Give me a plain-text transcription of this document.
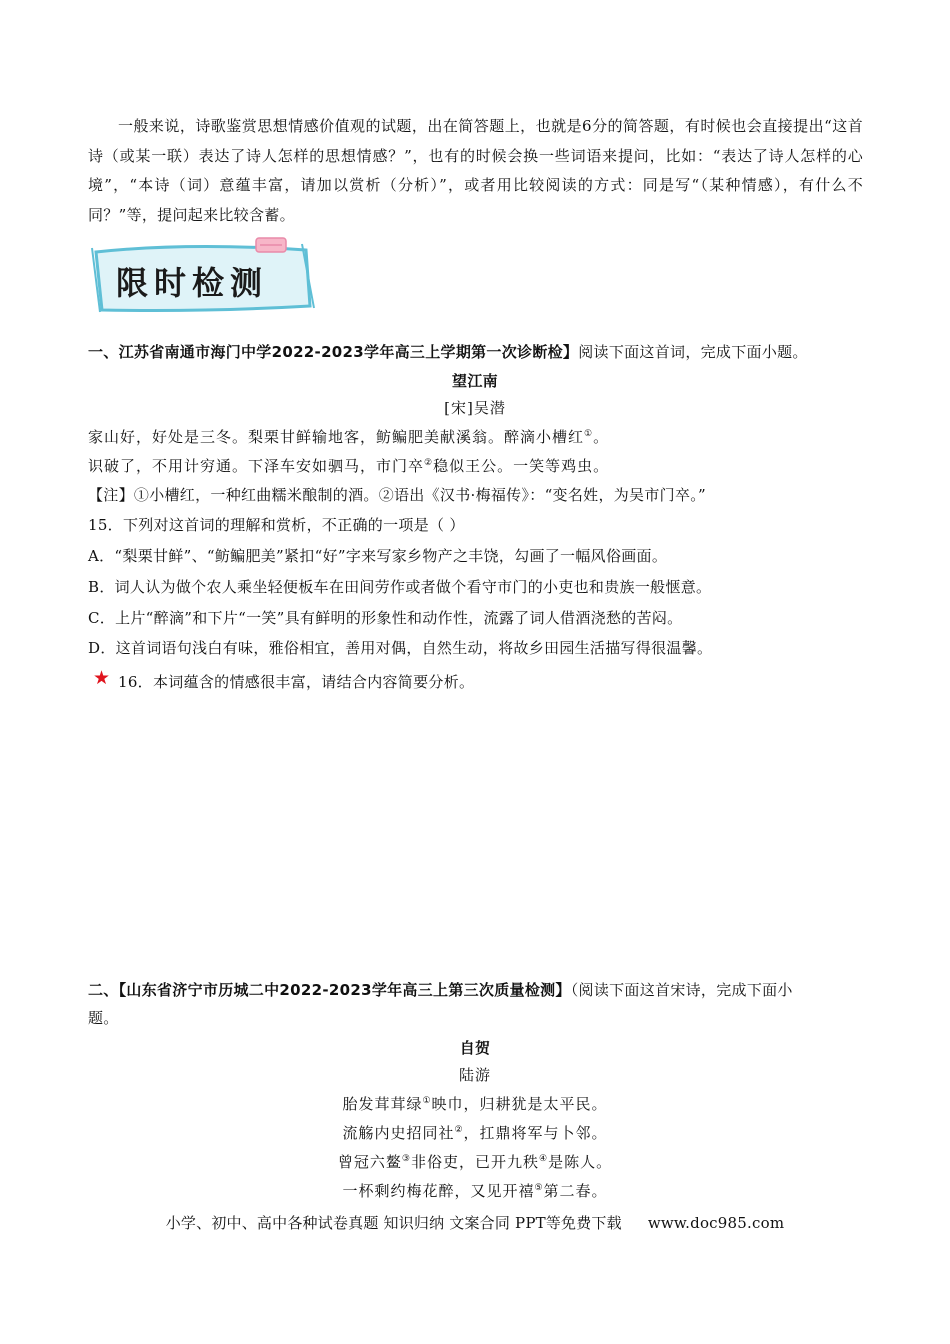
一般来说，诗歌鉴赏思想情感价值观的试题，出在简答题上，也就是6分的简答题，有时候也会直接提出“这首诗（或某一联）表达了诗人怎样的思想情感？”，也有的时候会换一些词语来提问，比如：“表达了诗人怎样的心境”，“本诗（词）意蕴丰富，请加以赏析（分析）”，或者用比较阅读的方式：同是写“（某种情感），有什么不同？”等，提问起来比较含蓄。
限时检测
一、江苏省南通市海门中学2022-2023学年高三上学期第一次诊断检】阅读下面这首词，完成下面小题。
望江南
[宋]吴潜
家山好，好处是三冬。梨栗甘鲜输地客，鲂鳊肥美献溪翁。醉滴小槽红①。
识破了，不用计穷通。下泽车安如驷马，市门卒②稳似王公。一笑等鸡虫。
【注】①小槽红，一种红曲糯米酿制的酒。②语出《汉书·梅福传》：“变名姓，为吴市门卒。”
15．下列对这首词的理解和赏析，不正确的一项是（ ）
A．“梨栗甘鲜”、“鲂鳊肥美”紧扣“好”字来写家乡物产之丰饶，勾画了一幅风俗画面。
B．词人认为做个农人乘坐轻便板车在田间劳作或者做个看守市门的小吏也和贵族一般惬意。
C．上片“醉滴”和下片“一笑”具有鲜明的形象性和动作性，流露了词人借酒浇愁的苦闷。
D．这首词语句浅白有味，雅俗相宜，善用对偶，自然生动，将故乡田园生活描写得很温馨。
★ 16．本词蕴含的情感很丰富，请结合内容简要分析。
二、【山东省济宁市历城二中2022-2023学年高三上第三次质量检测】（阅读下面这首宋诗，完成下面小
题。
自贺
陆游
胎发茸茸绿①映巾，归耕犹是太平民。
流觞内史招同社②，扛鼎将军与卜邻。
曾冠六鳌③非俗吏，已开九秩④是陈人。
一杯剩约梅花醉，又见开禧⑤第二春。
小学、初中、高中各种试卷真题 知识归纳 文案合同 PPT等免费下载 www.doc985.com
